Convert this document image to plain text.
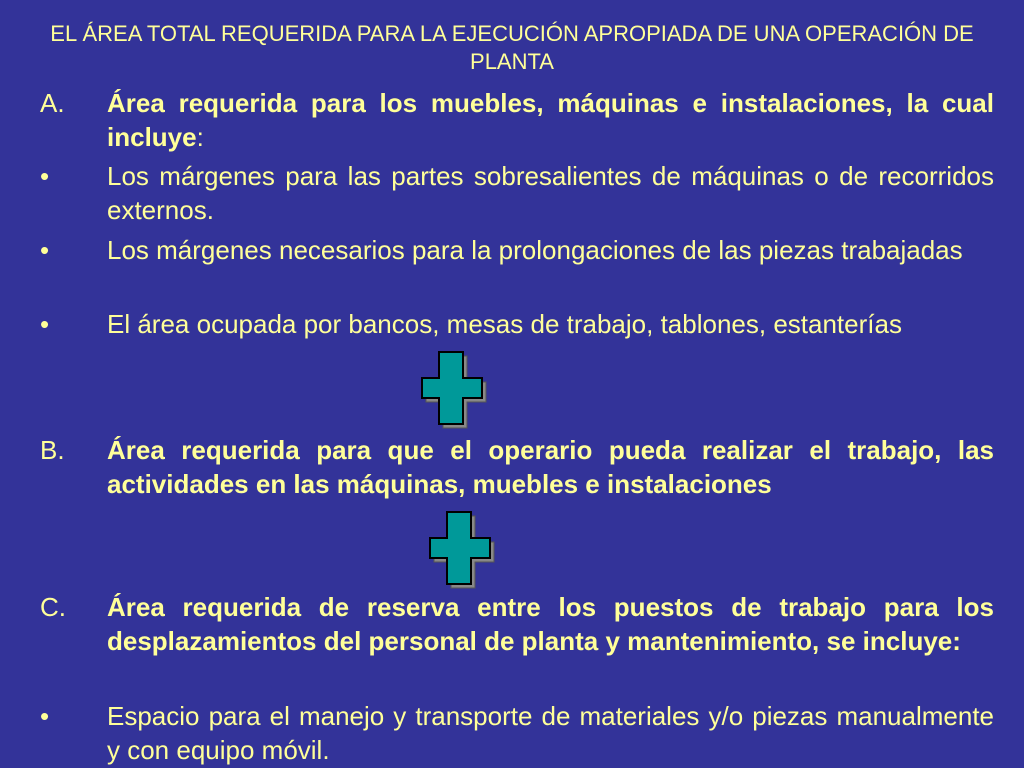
EL ÁREA TOTAL REQUERIDA PARA LA EJECUCIÓN APROPIADA DE UNA OPERACIÓN DE PLANTA
A.	Área requerida para los muebles, máquinas e instalaciones, la cual incluye:
•	Los márgenes para las partes sobresalientes de máquinas o de recorridos externos.
•	Los márgenes necesarios para la prolongaciones de las piezas trabajadas
•	El área ocupada por bancos, mesas de trabajo, tablones, estanterías
B.	Área requerida para que el operario pueda realizar el trabajo, las actividades en las máquinas, muebles e instalaciones
C.	Área requerida de reserva entre los puestos de trabajo para los desplazamientos del personal de planta y mantenimiento, se incluye:
•	Espacio para el manejo y transporte de materiales y/o piezas manualmente y con equipo móvil.
